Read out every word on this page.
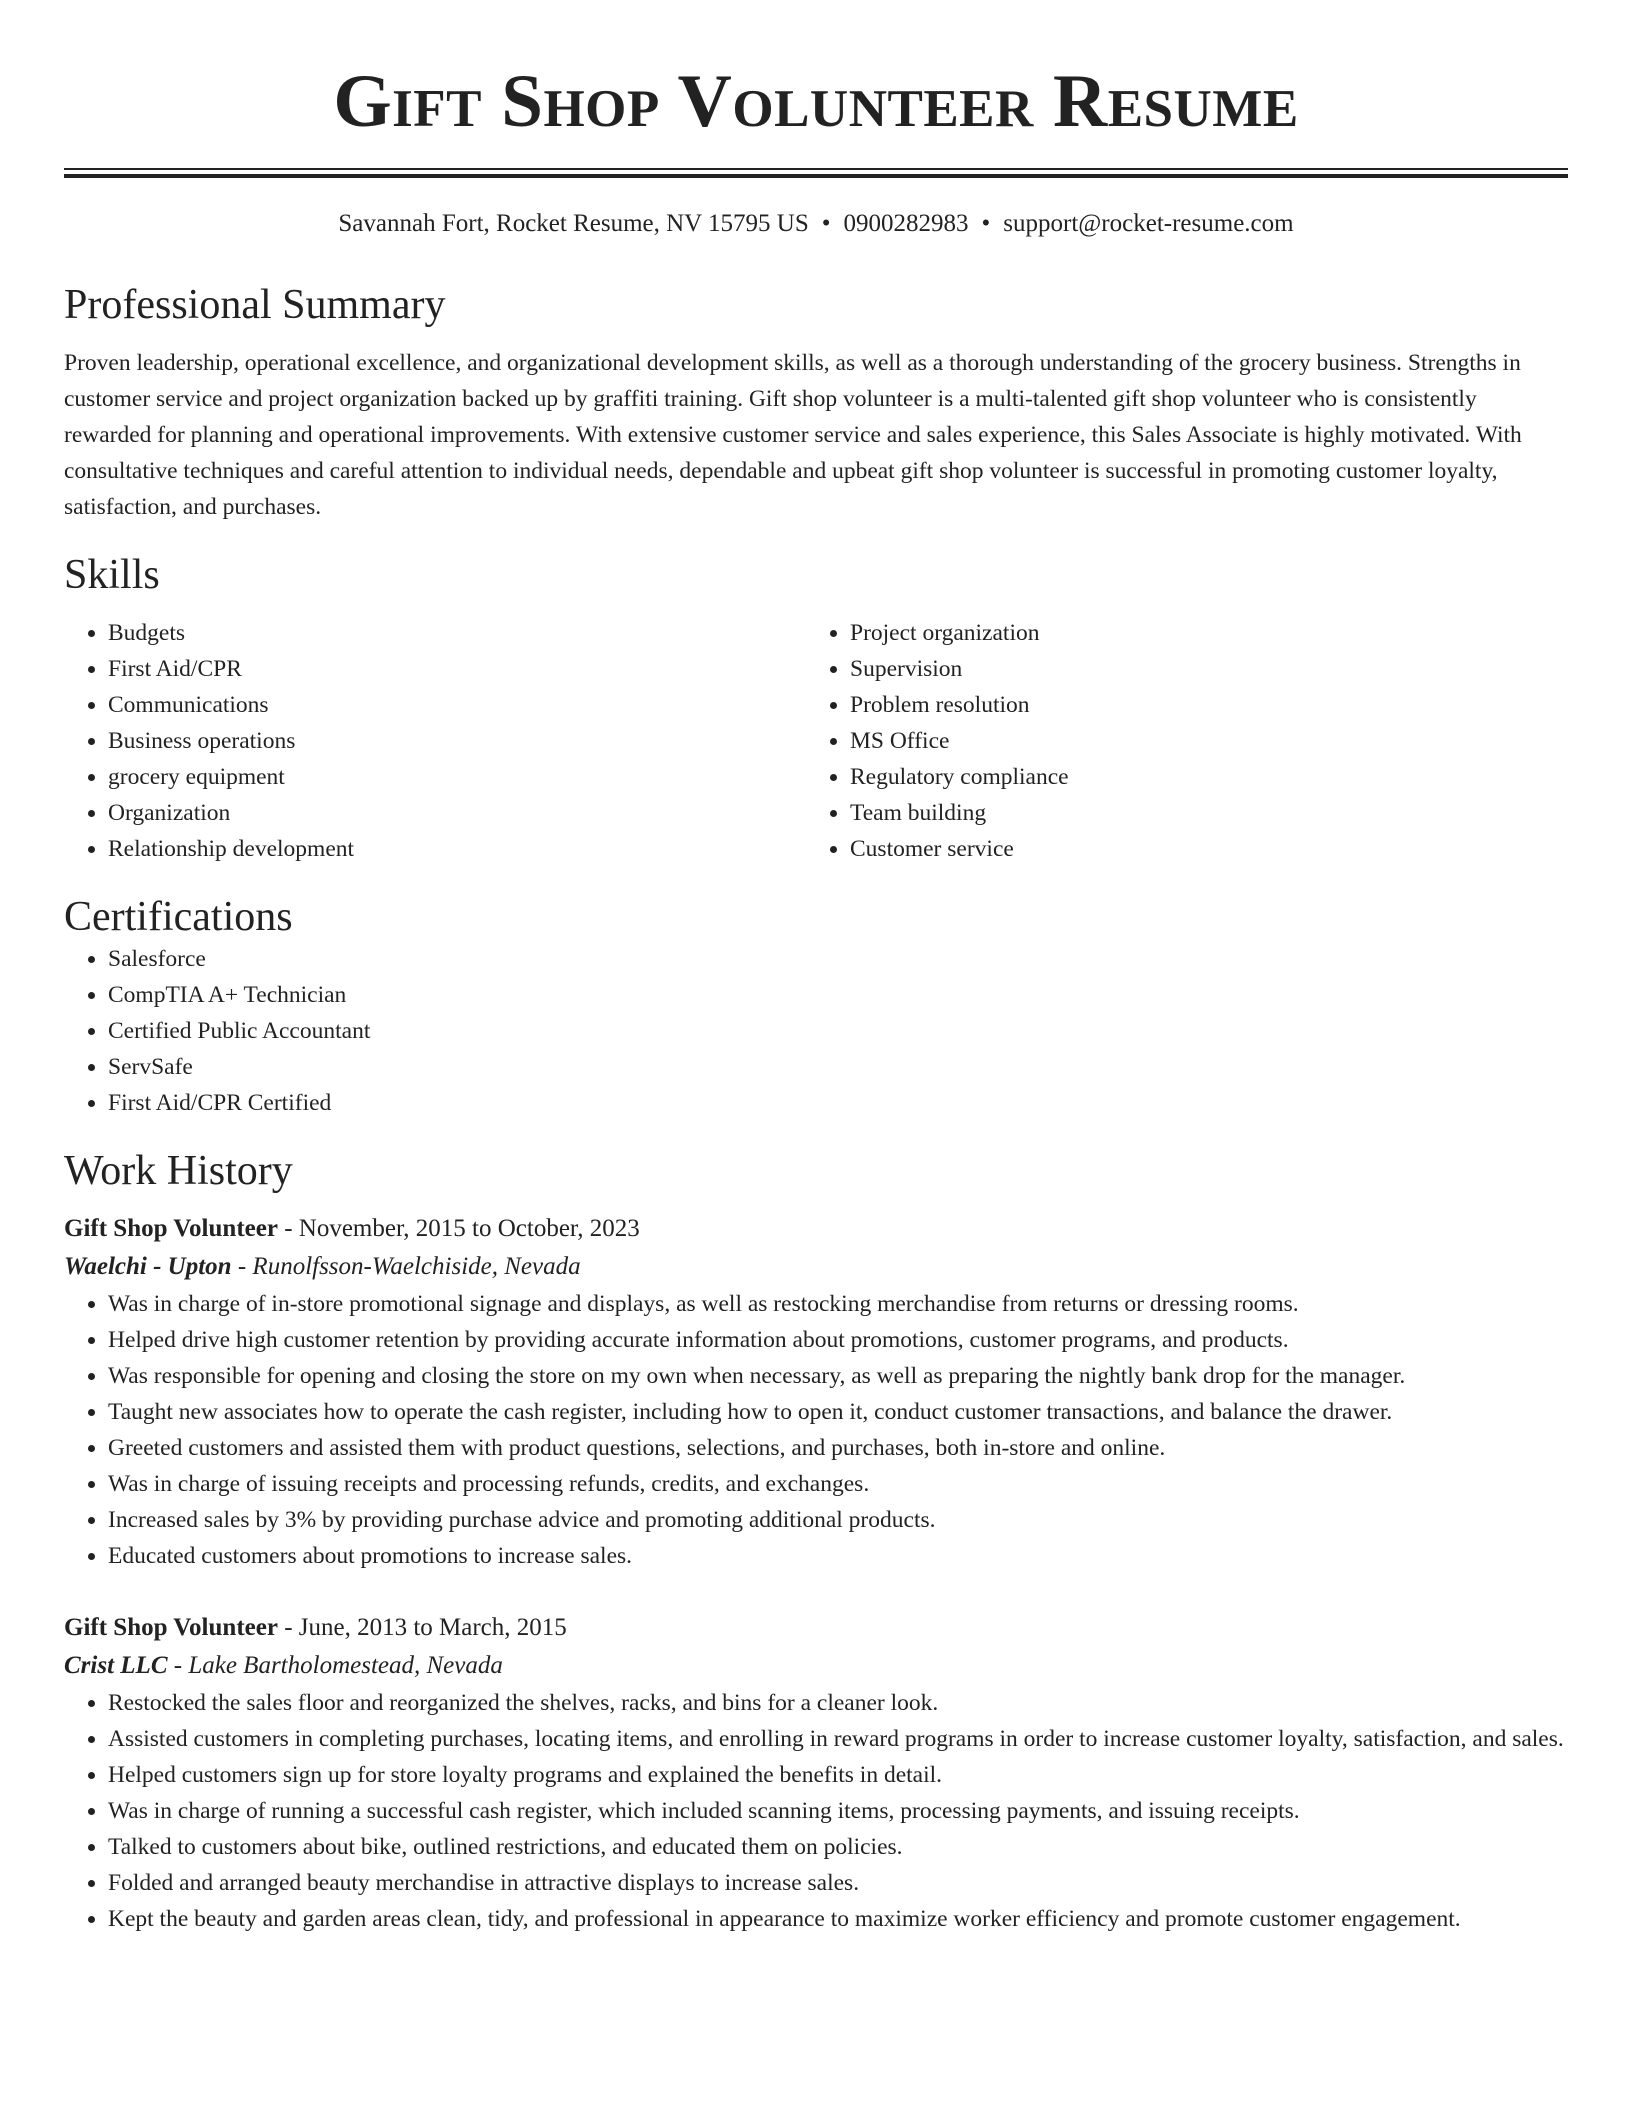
Gift Shop Volunteer Resume
Savannah Fort, Rocket Resume, NV 15795 US • 0900282983 • support@rocket-resume.com
Professional Summary

Proven leadership, operational excellence, and organizational development skills, as well as a thorough understanding of the grocery business. Strengths in customer service and project organization backed up by graffiti training. Gift shop volunteer is a multi-talented gift shop volunteer who is consistently rewarded for planning and operational improvements. With extensive customer service and sales experience, this Sales Associate is highly motivated. With consultative techniques and careful attention to individual needs, dependable and upbeat gift shop volunteer is successful in promoting customer loyalty, satisfaction, and purchases.

Skills
• Budgets
• First Aid/CPR
• Communications
• Business operations
• grocery equipment
• Organization
• Relationship development
• Project organization
• Supervision
• Problem resolution
• MS Office
• Regulatory compliance
• Team building
• Customer service
Certifications
• Salesforce
• CompTIA A+ Technician
• Certified Public Accountant
• ServSafe
• First Aid/CPR Certified
Work History
Gift Shop Volunteer - November, 2015 to October, 2023
Waelchi - Upton - Runolfsson-Waelchiside, Nevada
• Was in charge of in-store promotional signage and displays, as well as restocking merchandise from returns or dressing rooms.
• Helped drive high customer retention by providing accurate information about promotions, customer programs, and products.
• Was responsible for opening and closing the store on my own when necessary, as well as preparing the nightly bank drop for the manager.
• Taught new associates how to operate the cash register, including how to open it, conduct customer transactions, and balance the drawer.
• Greeted customers and assisted them with product questions, selections, and purchases, both in-store and online.
• Was in charge of issuing receipts and processing refunds, credits, and exchanges.
• Increased sales by 3% by providing purchase advice and promoting additional products.
• Educated customers about promotions to increase sales.
Gift Shop Volunteer - June, 2013 to March, 2015
Crist LLC - Lake Bartholomestead, Nevada
• Restocked the sales floor and reorganized the shelves, racks, and bins for a cleaner look.
• Assisted customers in completing purchases, locating items, and enrolling in reward programs in order to increase customer loyalty, satisfaction, and sales.
• Helped customers sign up for store loyalty programs and explained the benefits in detail.
• Was in charge of running a successful cash register, which included scanning items, processing payments, and issuing receipts.
• Talked to customers about bike, outlined restrictions, and educated them on policies.
• Folded and arranged beauty merchandise in attractive displays to increase sales.
• Kept the beauty and garden areas clean, tidy, and professional in appearance to maximize worker efficiency and promote customer engagement.
